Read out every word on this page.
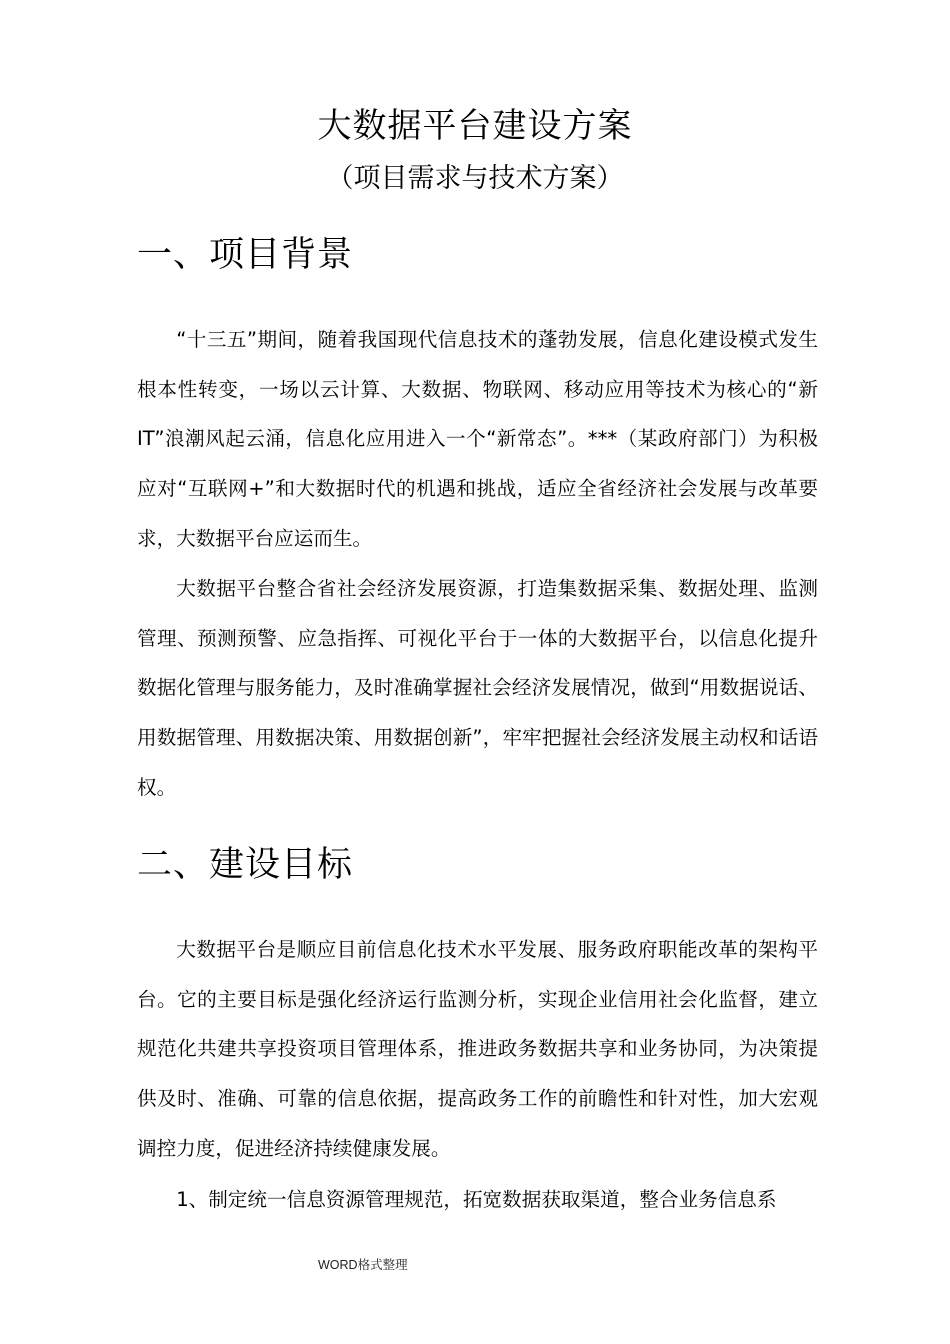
大数据平台建设方案
（项目需求与技术方案）
一、项目背景

“十三五”期间，随着我国现代信息技术的蓬勃发展，信息化建设模式发生根本性转变，一场以云计算、大数据、物联网、移动应用等技术为核心的“新IT”浪潮风起云涌，信息化应用进入一个“新常态”。***（某政府部门）为积极应对“互联网+”和大数据时代的机遇和挑战，适应全省经济社会发展与改革要求，大数据平台应运而生。

大数据平台整合省社会经济发展资源，打造集数据采集、数据处理、监测管理、预测预警、应急指挥、可视化平台于一体的大数据平台，以信息化提升数据化管理与服务能力，及时准确掌握社会经济发展情况，做到“用数据说话、用数据管理、用数据决策、用数据创新”，牢牢把握社会经济发展主动权和话语权。

二、建设目标

大数据平台是顺应目前信息化技术水平发展、服务政府职能改革的架构平台。它的主要目标是强化经济运行监测分析，实现企业信用社会化监督，建立规范化共建共享投资项目管理体系，推进政务数据共享和业务协同，为决策提供及时、准确、可靠的信息依据，提高政务工作的前瞻性和针对性，加大宏观调控力度，促进经济持续健康发展。

1、制定统一信息资源管理规范，拓宽数据获取渠道，整合业务信息系

WORD格式整理
